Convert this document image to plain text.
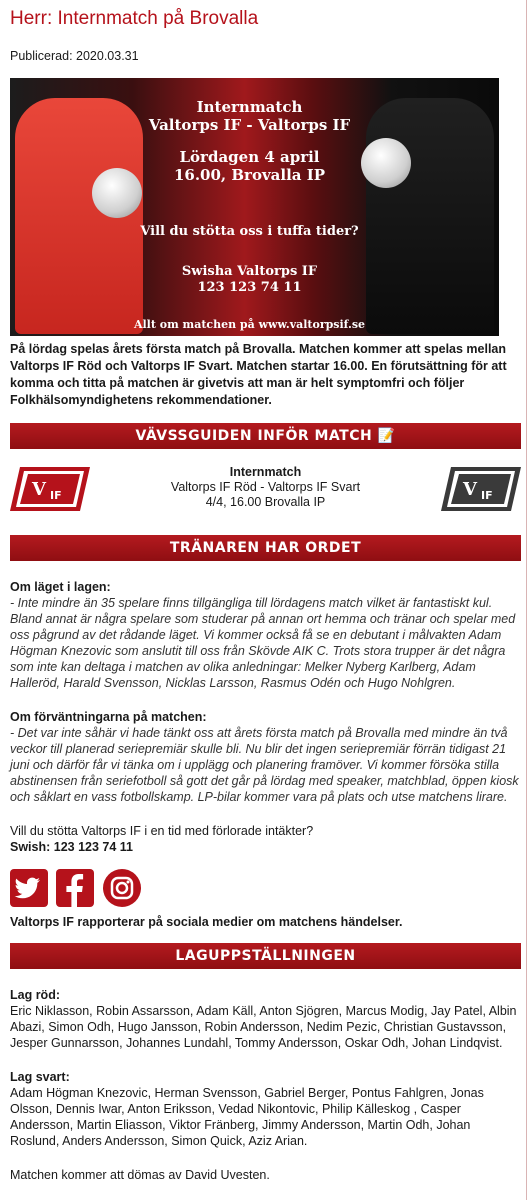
Herr: Internmatch på Brovalla
Publicerad: 2020.03.31
Internmatch
Valtorps IF - Valtorps IF
Lördagen 4 april
16.00, Brovalla IP
Vill du stötta oss i tuffa tider?
Swisha Valtorps IF
123 123 74 11
Allt om matchen på www.valtorpsif.se
På lördag spelas årets första match på Brovalla. Matchen kommer att spelas mellan Valtorps IF Röd och Valtorps IF Svart. Matchen startar 16.00. En förutsättning för att komma och titta på matchen är givetvis att man är helt symptomfri och följer Folkhälsomyndighetens rekommendationer.
VÄVSSGUIDEN INFÖR MATCH 📝
V IF
Internmatch
Valtorps IF Röd - Valtorps IF Svart
4/4, 16.00 Brovalla IP
V IF
TRÄNAREN HAR ORDET
Om läget i lagen:
- Inte mindre än 35 spelare finns tillgängliga till lördagens match vilket är fantastiskt kul. Bland annat är några spelare som studerar på annan ort hemma och tränar och spelar med oss pågrund av det rådande läget. Vi kommer också få se en debutant i målvakten Adam Högman Knezovic som anslutit till oss från Skövde AIK C. Trots stora trupper är det några som inte kan deltaga i matchen av olika anledningar: Melker Nyberg Karlberg, Adam Halleröd, Harald Svensson, Nicklas Larsson, Rasmus Odén och Hugo Nohlgren.
Om förväntningarna på matchen:
- Det var inte såhär vi hade tänkt oss att årets första match på Brovalla med mindre än två veckor till planerad seriepremiär skulle bli. Nu blir det ingen seriepremiär förrän tidigast 21 juni och därför får vi tänka om i upplägg och planering framöver. Vi kommer försöka stilla abstinensen från seriefotboll så gott det går på lördag med speaker, matchblad, öppen kiosk och såklart en vass fotbollskamp. LP-bilar kommer vara på plats och utse matchens lirare.
Vill du stötta Valtorps IF i en tid med förlorade intäkter?
Swish: 123 123 74 11

Valtorps IF rapporterar på sociala medier om matchens händelser.
LAGUPPSTÄLLNINGEN
Lag röd:
Eric Niklasson, Robin Assarsson, Adam Käll, Anton Sjögren, Marcus Modig, Jay Patel, Albin Abazi, Simon Odh, Hugo Jansson, Robin Andersson, Nedim Pezic, Christian Gustavsson, Jesper Gunnarsson, Johannes Lundahl, Tommy Andersson, Oskar Odh, Johan Lindqvist.
Lag svart:
Adam Högman Knezovic, Herman Svensson, Gabriel Berger, Pontus Fahlgren, Jonas Olsson, Dennis Iwar, Anton Eriksson, Vedad Nikontovic, Philip Källeskog , Casper Andersson, Martin Eliasson, Viktor Fränberg, Jimmy Andersson, Martin Odh, Johan Roslund, Anders Andersson, Simon Quick, Aziz Arian.
Matchen kommer att dömas av David Uvesten.
